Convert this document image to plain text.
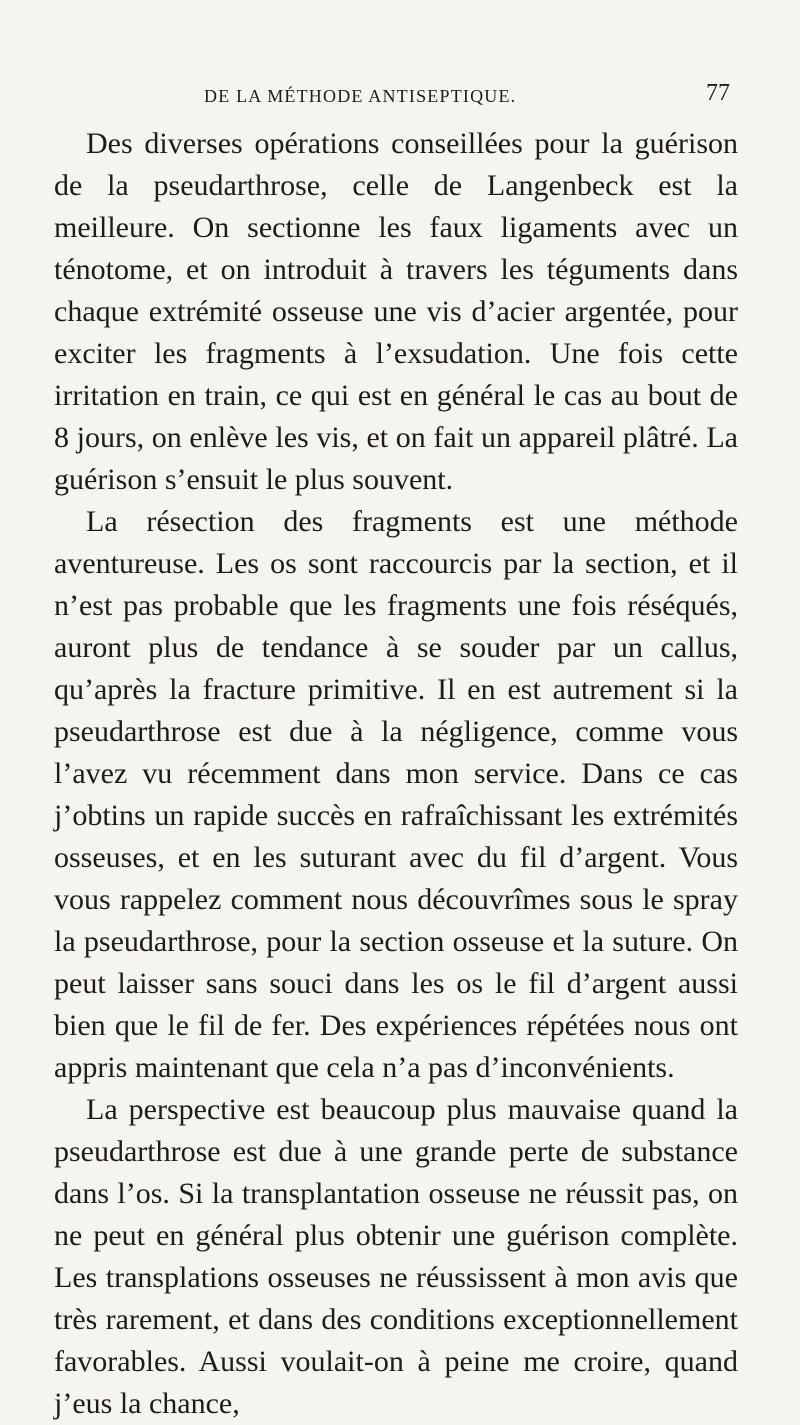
DE LA MÉTHODE ANTISEPTIQUE.	77

Des diverses opérations conseillées pour la guérison de la pseudarthrose, celle de Langenbeck est la meilleure. On sectionne les faux ligaments avec un ténotome, et on introduit à travers les téguments dans chaque extrémité osseuse une vis d’acier argentée, pour exciter les fragments à l’exsudation. Une fois cette irritation en train, ce qui est en général le cas au bout de 8 jours, on enlève les vis, et on fait un appareil plâtré. La guérison s’ensuit le plus souvent.

La résection des fragments est une méthode aventureuse. Les os sont raccourcis par la section, et il n’est pas probable que les fragments une fois réséqués, auront plus de tendance à se souder par un callus, qu’après la fracture primitive. Il en est autrement si la pseudarthrose est due à la négligence, comme vous l’avez vu récemment dans mon service. Dans ce cas j’obtins un rapide succès en rafraîchissant les extrémités osseuses, et en les suturant avec du fil d’argent. Vous vous rappelez comment nous découvrîmes sous le spray la pseudarthrose, pour la section osseuse et la suture. On peut laisser sans souci dans les os le fil d’argent aussi bien que le fil de fer. Des expériences répétées nous ont appris maintenant que cela n’a pas d’inconvénients.

La perspective est beaucoup plus mauvaise quand la pseudarthrose est due à une grande perte de substance dans l’os. Si la transplantation osseuse ne réussit pas, on ne peut en général plus obtenir une guérison complète. Les transplations osseuses ne réussissent à mon avis que très rarement, et dans des conditions exceptionnellement favorables. Aussi voulait-on à peine me croire, quand j’eus la chance,
